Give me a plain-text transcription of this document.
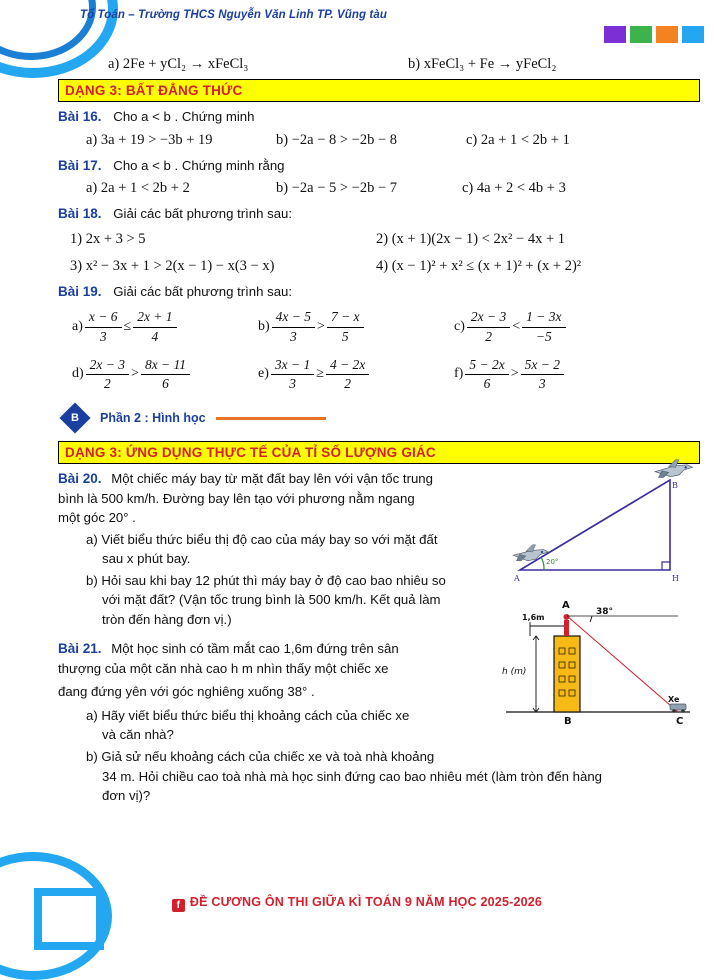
Tổ Toán – Trường THCS Nguyễn Văn Linh TP. Vũng tàu
a) 2Fe + yCl₂ → xFeCl₃	b) xFeCl₃ + Fe → yFeCl₂
DẠNG 3: BẤT ĐẲNG THỨC
Bài 16. Cho a < b . Chứng minh
a) 3a + 19 > −3b + 19	b) −2a − 8 > −2b − 8	c) 2a + 1 < 2b + 1
Bài 17. Cho a < b . Chứng minh rằng
a) 2a + 1 < 2b + 2	b) −2a − 5 > −2b − 7	c) 4a + 2 < 4b + 3
Bài 18. Giải các bất phương trình sau:
1) 2x + 3 > 5	2) (x + 1)(2x − 1) < 2x² − 4x + 1
3) x² − 3x + 1 > 2(x − 1) − x(3 − x)	4) (x − 1)² + x² ≤ (x + 1)² + (x + 2)²
Bài 19. Giải các bất phương trình sau:
$a) \frac{x - 6}{3} \le \frac{2x + 1}{4}$	$b) \frac{4x - 5}{3} > \frac{7 - x}{5}$	$c) \frac{2x - 3}{2} < \frac{1 - 3x}{-5}$
$d) \frac{2x - 3}{2} > \frac{8x - 11}{6}$	$e) \frac{3x - 1}{3} \ge \frac{4 - 2x}{2}$	$f) \frac{5 - 2x}{6} > \frac{5x - 2}{3}$
B Phần 2 : Hình học
DẠNG 3: ỨNG DỤNG THỰC TẾ CỦA TỈ SỐ LƯỢNG GIÁC
Bài 20. Một chiếc máy bay từ mặt đất bay lên với vận tốc trung
bình là 500 km/h. Đường bay lên tạo với phương nằm ngang
một góc 20° .
a) Viết biểu thức biểu thị độ cao của máy bay so với mặt đất
sau x phút bay.
b) Hỏi sau khi bay 12 phút thì máy bay ở độ cao bao nhiêu so
với mặt đất? (Vận tốc trung bình là 500 km/h. Kết quả làm
tròn đến hàng đơn vị.)
Bài 21. Một học sinh có tầm mắt cao 1,6m đứng trên sân
thượng của một căn nhà cao h m nhìn thấy một chiếc xe
đang đứng yên với góc nghiêng xuống 38° .
a) Hãy viết biểu thức biểu thị khoảng cách của chiếc xe
và căn nhà?
b) Giả sử nếu khoảng cách của chiếc xe và toà nhà khoảng
34 m. Hỏi chiều cao toà nhà mà học sinh đứng cao bao nhiêu mét (làm tròn đến hàng
đơn vị)?
20°
A	H
B
1,6m
h (m)
38°
A
B	C
Xe
6/8	f ĐỀ CƯƠNG ÔN THI GIỮA KÌ TOÁN 9 NĂM HỌC 2025-2026
